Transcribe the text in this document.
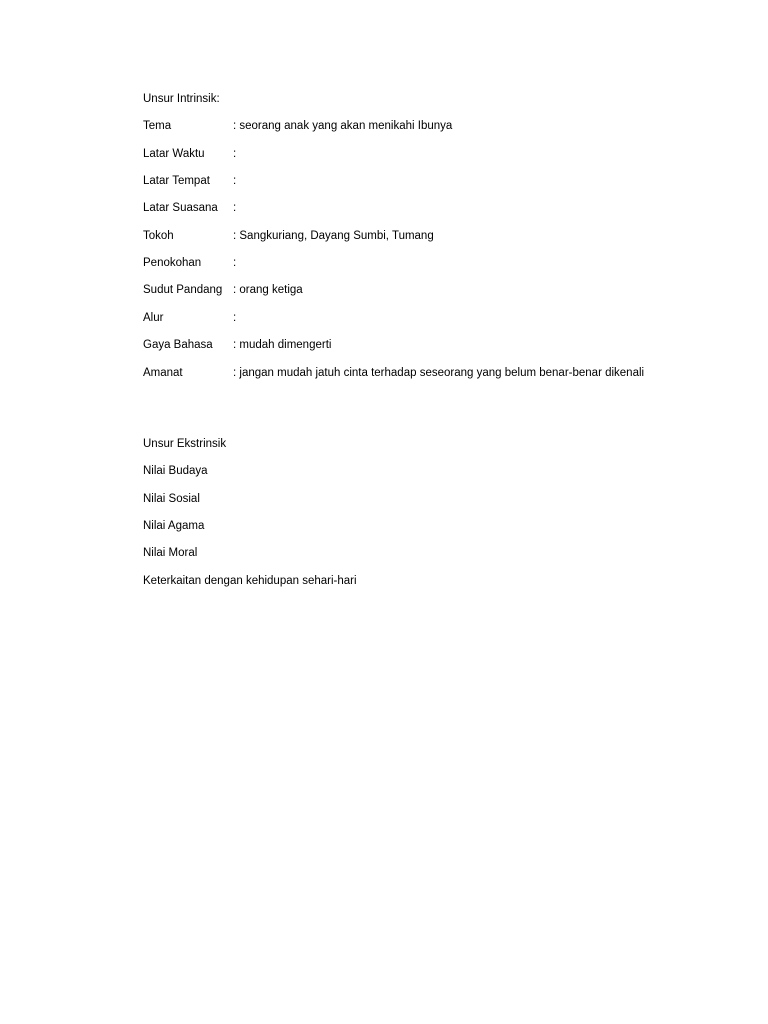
Unsur Intrinsik:
Tema	: seorang anak yang akan menikahi Ibunya
Latar Waktu	:
Latar Tempat	:
Latar Suasana	:
Tokoh	: Sangkuriang, Dayang Sumbi, Tumang
Penokohan	:
Sudut Pandang : orang ketiga
Alur	:
Gaya Bahasa	: mudah dimengerti
Amanat	: jangan mudah jatuh cinta terhadap seseorang yang belum benar-benar dikenali
Unsur Ekstrinsik
Nilai Budaya
Nilai Sosial
Nilai Agama
Nilai Moral
Keterkaitan dengan kehidupan sehari-hari
